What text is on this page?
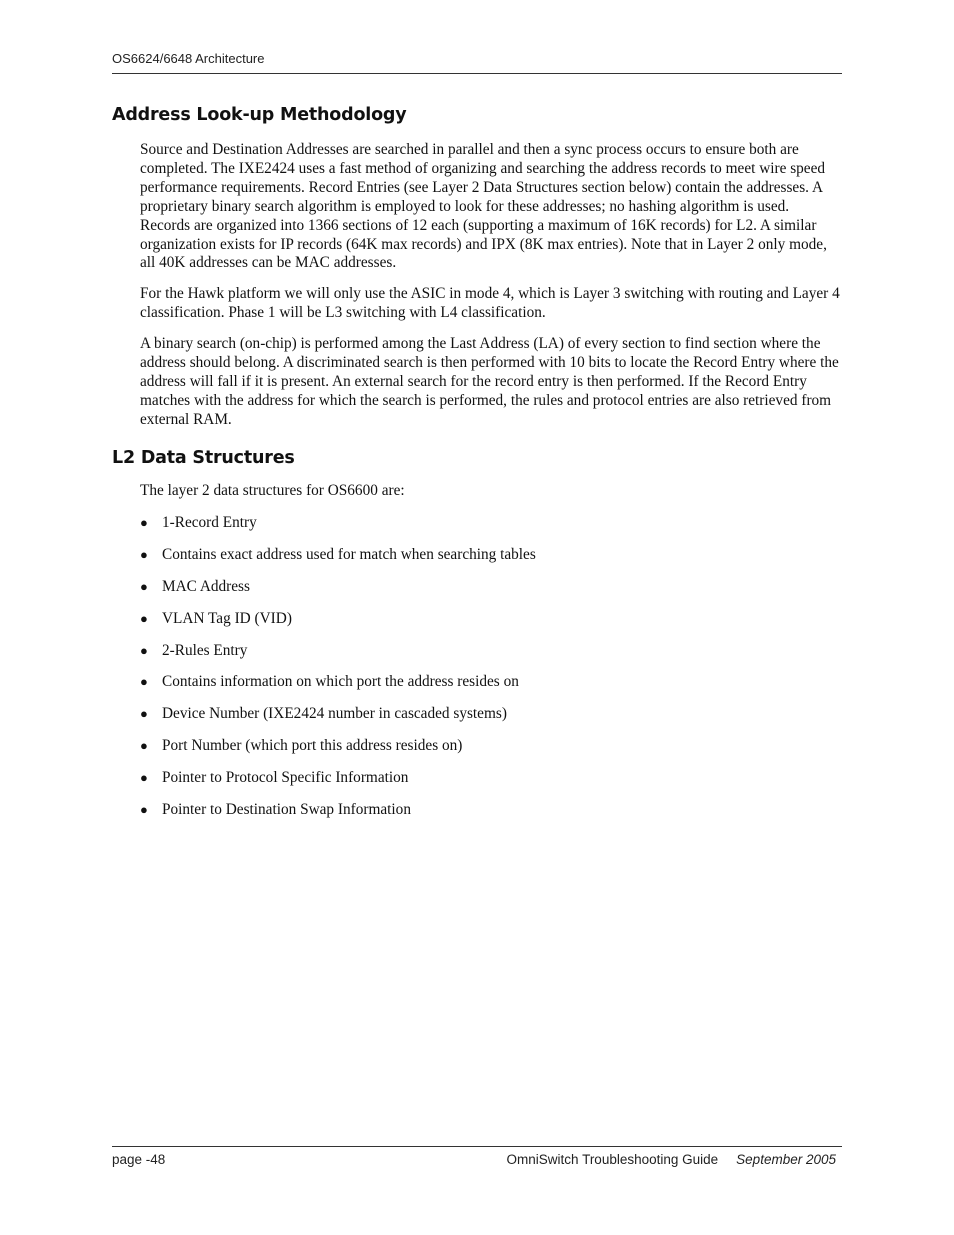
OS6624/6648 Architecture
Address Look-up Methodology

Source and Destination Addresses are searched in parallel and then a sync process occurs to ensure both are completed. The IXE2424 uses a fast method of organizing and searching the address records to meet wire speed performance requirements. Record Entries (see Layer 2 Data Structures section below) contain the addresses. A proprietary binary search algorithm is employed to look for these addresses; no hashing algorithm is used. Records are organized into 1366 sections of 12 each (supporting a maximum of 16K records) for L2. A similar organization exists for IP records (64K max records) and IPX (8K max entries). Note that in Layer 2 only mode, all 40K addresses can be MAC addresses.

For the Hawk platform we will only use the ASIC in mode 4, which is Layer 3 switching with routing and Layer 4 classification. Phase 1 will be L3 switching with L4 classification.

A binary search (on-chip) is performed among the Last Address (LA) of every section to find section where the address should belong. A discriminated search is then performed with 10 bits to locate the Record Entry where the address will fall if it is present. An external search for the record entry is then performed. If the Record Entry matches with the address for which the search is performed, the rules and protocol entries are also retrieved from external RAM.

L2 Data Structures

The layer 2 data structures for OS6600 are:

● 1-Record Entry
● Contains exact address used for match when searching tables
● MAC Address
● VLAN Tag ID (VID)
● 2-Rules Entry
● Contains information on which port the address resides on
● Device Number (IXE2424 number in cascaded systems)
● Port Number (which port this address resides on)
● Pointer to Protocol Specific Information
● Pointer to Destination Swap Information
page -48	OmniSwitch Troubleshooting Guide September 2005
